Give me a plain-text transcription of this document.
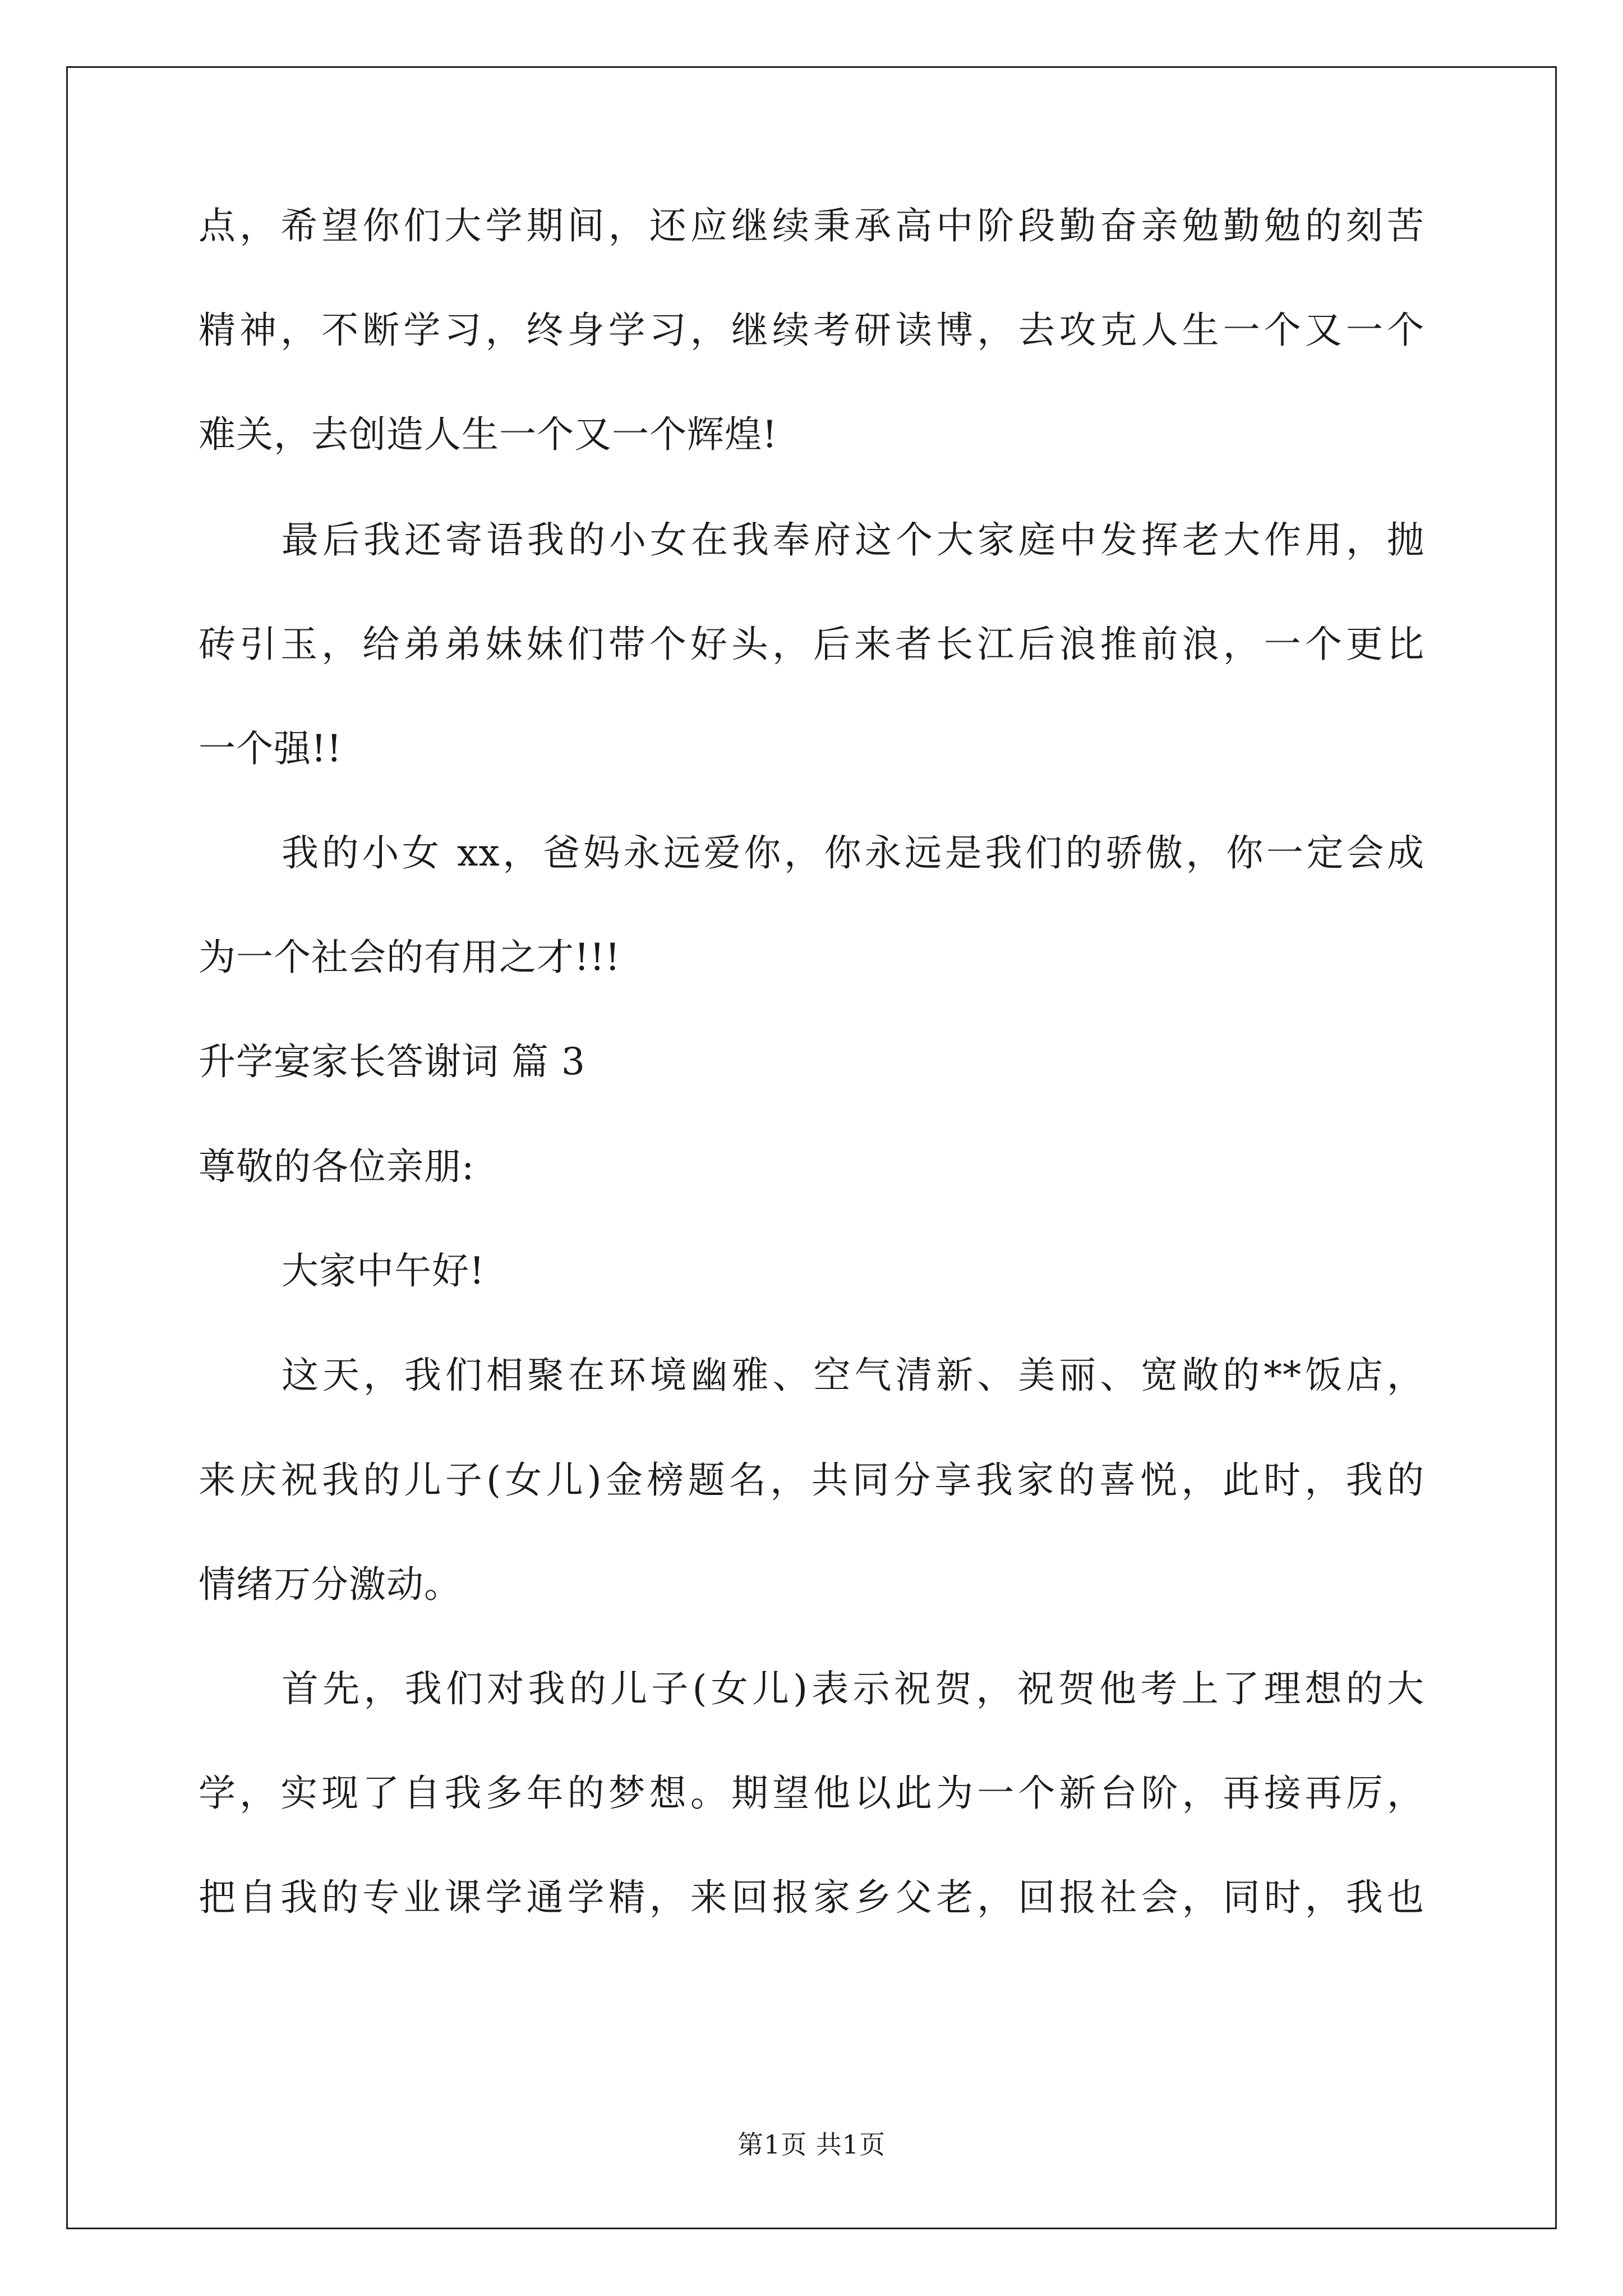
点，希望你们大学期间，还应继续秉承高中阶段勤奋亲勉勤勉的刻苦
精神，不断学习，终身学习，继续考研读博，去攻克人生一个又一个
难关，去创造人生一个又一个辉煌!
最后我还寄语我的小女在我奉府这个大家庭中发挥老大作用，抛
砖引玉，给弟弟妹妹们带个好头，后来者长江后浪推前浪，一个更比
一个强!!
我的小女 xx，爸妈永远爱你，你永远是我们的骄傲，你一定会成
为一个社会的有用之才!!!
升学宴家长答谢词 篇 3
尊敬的各位亲朋:
大家中午好!
这天，我们相聚在环境幽雅、空气清新、美丽、宽敞的**饭店，
来庆祝我的儿子(女儿)金榜题名，共同分享我家的喜悦，此时，我的
情绪万分激动。
首先，我们对我的儿子(女儿)表示祝贺，祝贺他考上了理想的大
学，实现了自我多年的梦想。期望他以此为一个新台阶，再接再厉，
把自我的专业课学通学精，来回报家乡父老，回报社会，同时，我也
第1页 共1页
